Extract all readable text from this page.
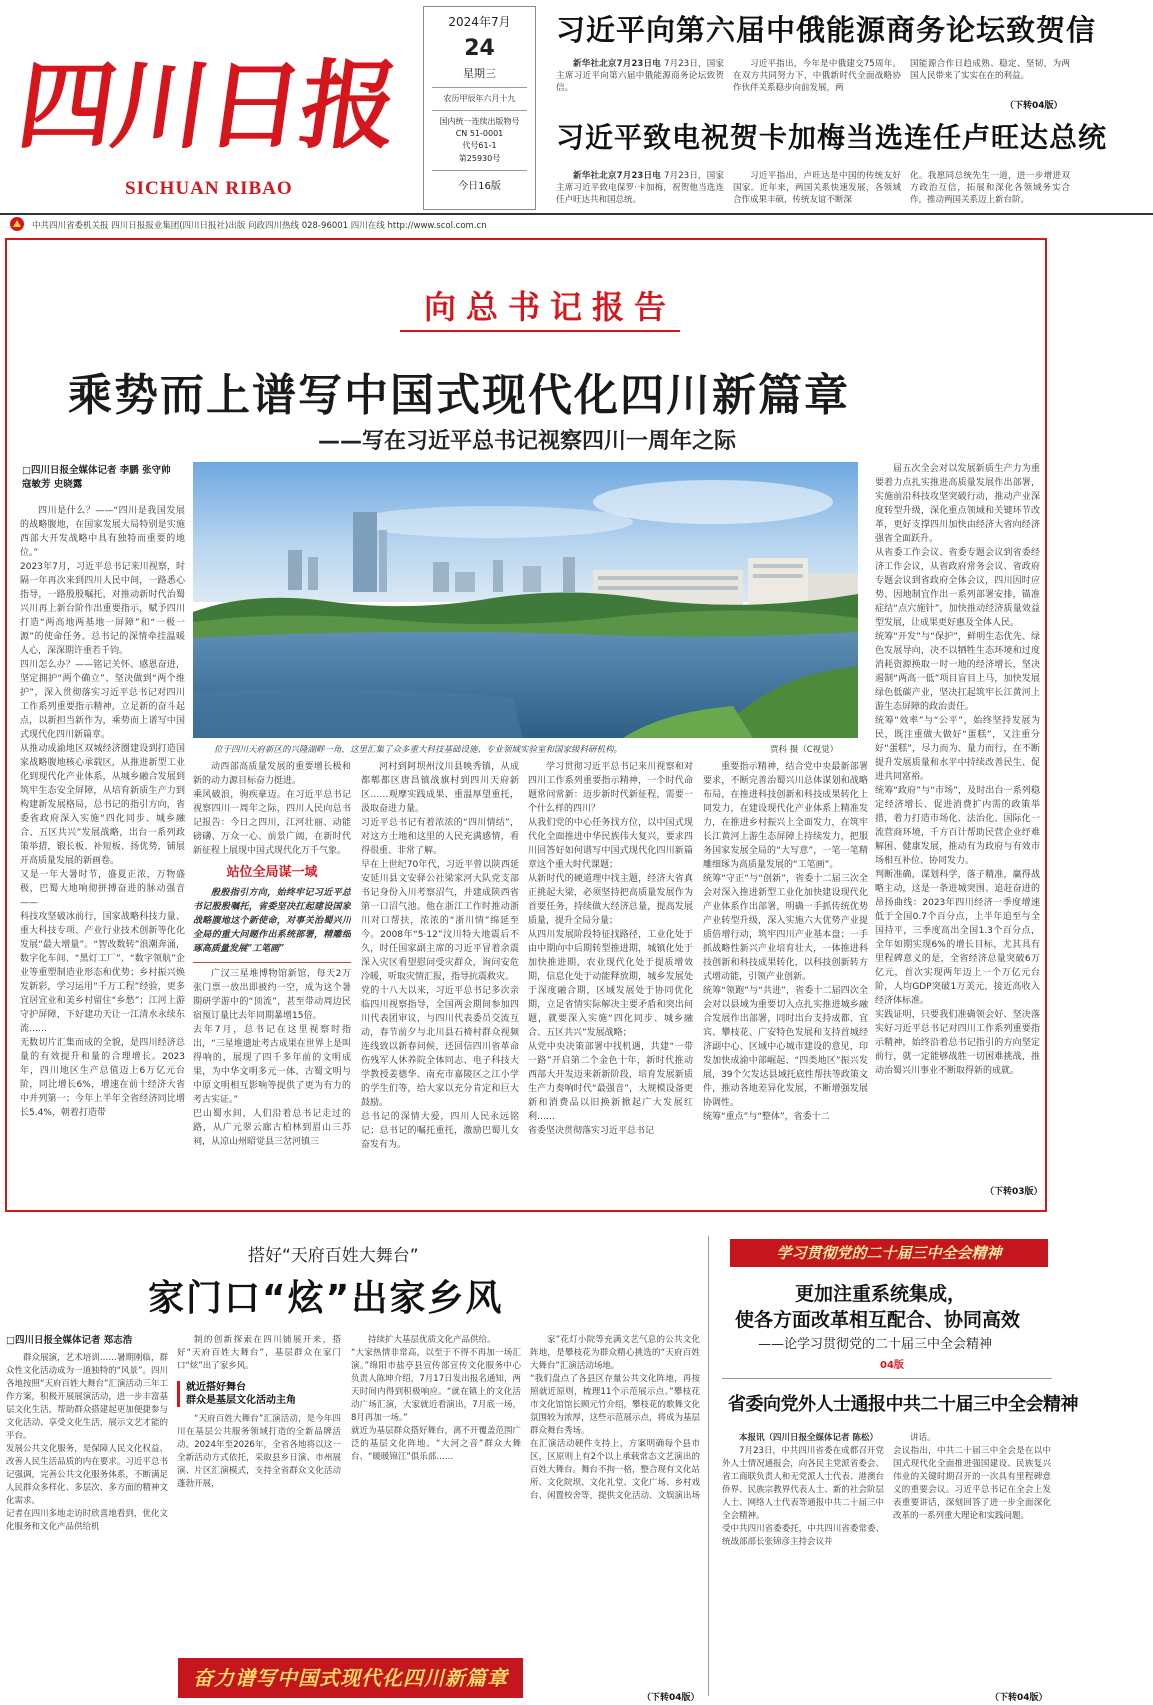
四川日报
SICHUAN RIBAO
2024年7月
24
星期三
农历甲辰年六月十九
国内统一连续出版物号
CN 51-0001
代号61-1
第25930号
今日16版
习近平向第六届中俄能源商务论坛致贺信
新华社北京7月23日电 7月23日，国家主席习近平向第六届中俄能源商务论坛致贺信。
习近平指出，今年是中俄建交75周年。在双方共同努力下，中俄新时代全面战略协作伙伴关系稳步向前发展，两
国能源合作日趋成熟、稳定、坚韧，为两国人民带来了实实在在的利益。
（下转04版）
习近平致电祝贺卡加梅当选连任卢旺达总统
新华社北京7月23日电 7月23日，国家主席习近平致电保罗·卡加梅，祝贺他当选连任卢旺达共和国总统。
习近平指出，卢旺达是中国的传统友好国家。近年来，两国关系快速发展，各领域合作成果丰硕，传统友谊不断深
化。我愿同总统先生一道，进一步增进双方政治互信，拓展和深化各领域务实合作，推动两国关系迈上新台阶。
中共四川省委机关报 四川日报报业集团(四川日报社)出版 问政四川热线 028-96001 四川在线 http://www.scol.com.cn
向总书记报告
乘势而上谱写中国式现代化四川新篇章
——写在习近平总书记视察四川一周年之际
□四川日报全媒体记者 李鹏 张守帅 寇敏芳 史晓露
位于四川天府新区的兴隆湖畔一角，这里汇集了众多重大科技基础设施、专业领域实验室和国家级科研机构。	贾科 摄（C视觉）

四川是什么？——“四川是我国发展的战略腹地，在国家发展大局特别是实施西部大开发战略中具有独特而重要的地位。”
2023年7月，习近平总书记来川视察，时隔一年再次来到四川人民中间，一路悉心指导，一路殷殷嘱托，对推动新时代治蜀兴川再上新台阶作出重要指示，赋予四川打造“两高地两基地一屏障”和“一极一源”的使命任务。总书记的深情牵挂温暖人心，深深期许重若千钧。
四川怎么办？——铭记关怀、感恩奋进，坚定拥护“两个确立”、坚决做到“两个维护”，深入贯彻落实习近平总书记对四川工作系列重要指示精神，立足新的奋斗起点，以新担当新作为，乘势而上谱写中国式现代化四川新篇章。
从推动成渝地区双城经济圈建设到打造国家战略腹地核心承载区，从推进新型工业化到现代化产业体系，从城乡融合发展到筑牢生态安全屏障，从培育新质生产力到构建新发展格局，总书记的指引方向，省委省政府深入实施“四化同步、城乡融合、五区共兴”发展战略，出台一系列政策举措，锻长板、补短板、扬优势，铺展开高质量发展的新画卷。
又是一年大暑时节，盛夏正浓，万物盛极，巴蜀大地响彻拼搏奋进的脉动强音——
科技攻坚破冰前行，国家战略科技力量、重大科技专项、产业行业技术创新等化化发展“最大增量”。“智改数转”浪潮奔涌，数字化车间、“黑灯工厂”、“数字领航”企业等重塑制造业形态和优势；乡村振兴焕发新彩，学习运用“千万工程”经验，更多宜居宜业和美乡村留住“乡愁”；江河上游守护屏障，下好建功天让一江清水永续东流……
无数切片汇集而成的全貌，是四川经济总量的有效提升和量的合理增长。2023年，四川地区生产总值迈上6万亿元台阶，同比增长6%，增速在前十经济大省中并列第一；今年上半年全省经济同比增长5.4%，朝着打造带

动西部高质量发展的重要增长极和新的动力源目标奋力挺进。
乘风破浪，驹疾豪迈。在习近平总书记视察四川一周年之际，四川人民向总书记报告：今日之四川，江河壮丽、动能磅礴、万众一心、前景广阔，在新时代新征程上展现中国式现代化万千气象。

站位全局谋一域
殷殷指引方向，始终牢记习近平总书记殷殷嘱托，省委坚决扛起建设国家战略腹地这个新使命，对事关治蜀兴川全局的重大问题作出系统部署，精雕细琢高质量发展“工笔画”

广汉三星堆博物馆新馆，每天2万张门票一放出即被约一空，成为这个暑期研学游中的“顶流”，甚至带动周边民宿预订量比去年同期暴增15倍。
去年7月，总书记在这里视察时指出，“三星堆遗址考古成果在世界上是叫得响的，展现了四千多年前的文明成果，为中华文明多元一体、古蜀文明与中原文明相互影响等提供了更为有力的考古实证。”
巴山蜀水间，人们沿着总书记走过的路，从广元翠云廊古柏林到眉山三苏祠，从凉山州昭觉县三岔河镇三

河村到阿坝州汶川县映秀镇，从成都郫都区唐昌镇战旗村到四川天府新区……观摩实践成果、重温厚望重托，汲取奋进力量。
习近平总书记有着浓浓的“四川情结”，对这方土地和这里的人民充满感情，看得很重、非常了解。
早在上世纪70年代，习近平曾以陕西延安延川县文安驿公社梁家河大队党支部书记身份入川考察沼气，并建成陕西省第一口沼气池。他在浙江工作时推动浙川对口帮扶，浓浓的“浙川情”绵延至今。2008年“5·12”汶川特大地震后不久，时任国家副主席的习近平冒着余震深入灾区看望慰问受灾群众，询问安危冷暖，听取灾情汇报，指导抗震救灾。
党的十八大以来，习近平总书记多次亲临四川视察指导，全国两会期间参加四川代表团审议，与四川代表委员交流互动，春节前夕与北川县石椅村群众视频连线致以新春问候，还回信四川省革命伤残军人休养院全体同志、电子科技大学教授姜德华、南充市嘉陵区之江小学的学生们等，给大家以充分肯定和巨大鼓励。
总书记的深情大爱，四川人民永远铭记；总书记的嘱托重托，激励巴蜀儿女奋发有为。

学习贯彻习近平总书记来川视察和对四川工作系列重要指示精神，一个时代命题常问常新：迈步新时代新征程，需要一个什么样的四川？
从我们党的中心任务找方位，以中国式现代化全面推进中华民族伟大复兴，要求四川回答好如何谱写中国式现代化四川新篇章这个重大时代课题；
从新时代的硬道理中找主题，经济大省真正挑起大梁，必须坚持把高质量发展作为首要任务，持续做大经济总量，提高发展质量，提升全局分量；
从四川发展阶段特征找路径，工业化处于由中期向中后期转型推进期，城镇化处于加快推进期，农业现代化处于提质增效期，信息化处于动能释放期，城乡发展处于深度融合期，区域发展处于协同优化期，立足省情实际解决主要矛盾和突出问题，就要深入实施“四化同步、城乡融合、五区共兴”发展战略；
从党中央决策部署中找机遇，共建“一带一路”开启第二个金色十年，新时代推动西部大开发迈来新新阶段，培育发展新质生产力奏响时代“最强音”，大规模设备更新和消费品以旧换新掀起广大发展红利……
省委坚决贯彻落实习近平总书记

重要指示精神，结合党中央最新部署要求，不断完善治蜀兴川总体谋划和战略布局，在推进科技创新和科技成果转化上同发力，在建设现代化产业体系上精准发力，在推进乡村振兴上全面发力，在筑牢长江黄河上游生态屏障上持续发力，把服务国家发展全局的“大写意”，一笔一笔精雕细琢为高质量发展的“工笔画”。
统筹“守正”与“创新”，省委十二届三次全会对深入推进新型工业化加快建设现代化产业体系作出部署，明确一手抓传统优势产业转型升级，深入实施六大优势产业提质倍增行动，筑牢四川产业基本盘；一手抓战略性新兴产业培育壮大，一体推进科技创新和科技成果转化，以科技创新转方式增动能，引领产业创新。
统筹“领跑”与“共进”，省委十二届四次全会对以县域为重要切入点扎实推进城乡融合发展作出部署，同时出台支持成都、宜宾、攀枝花、广安特色发展和支持首城经济副中心、区域中心城市建设的意见，印发加快成渝中部崛起、“四类地区”振兴发展，39个欠发达县域托底性帮扶等政策文件，推动各地差异化发展，不断增强发展协调性。
统筹“重点”与“整体”，省委十二

届五次全会对以发展新质生产力为重要着力点扎实推进高质量发展作出部署，实施前沿科技攻坚突破行动，推动产业深度转型升级，深化重点领域和关键环节改革，更好支撑四川加快由经济大省向经济强省全面跃升。
从省委工作会议、省委专题会议到省委经济工作会议，从省政府常务会议、省政府专题会议到省政府全体会议，四川因时应势、因地制宜作出一系列部署安排，锚准症结“点穴施针”，加快推动经济质量效益型发展，让成果更好惠及全体人民。
统筹“开发”与“保护”，鲜明生态优先、绿色发展导向，决不以牺牲生态环境和过度消耗资源换取一时一地的经济增长，坚决遏制“两高一低”项目盲目上马，加快发展绿色低碳产业，坚决扛起筑牢长江黄河上游生态屏障的政治责任。
统筹“效率”与“公平”，始终坚持发展为民，既注重做大做好“蛋糕”，又注重分好“蛋糕”，尽力而为、量力而行，在不断提升发展质量和水平中持续改善民生、促进共同富裕。
统筹“政府”与“市场”，及时出台一系列稳定经济增长、促进消费扩内需的政策举措，着力打造市场化、法治化、国际化一流营商环境，千方百计帮助民营企业纾难解困、健康发展，推动有为政府与有效市场相互补位、协同发力。
判断准确，谋划科学，落子精准，赢得战略主动，这是一条进城突围、追赶奋进的昂扬曲线：2023年四川经济一季度增速低于全国0.7个百分点，上半年追至与全国持平，三季度高出全国1.3个百分点，全年如期实现6%的增长目标，尤其具有里程碑意义的是，全省经济总量突破6万亿元，首次实现两年迈上一个万亿元台阶，人均GDP突破1万美元，接近高收入经济体标准。
实践证明，只要我们准确领会好、坚决落实好习近平总书记对四川工作系列重要指示精神，始终沿着总书记指引的方向坚定前行，就一定能够战胜一切困难挑战，推动治蜀兴川事业不断取得新的成就。

（下转03版）
搭好“天府百姓大舞台”
家门口“炫”出家乡风
□四川日报全媒体记者 郑志浩

群众展演，艺术培训……暑期刚临，群众性文化活动成为一道独特的“风景”。四川各地按照“天府百姓大舞台”汇演活动三年工作方案，积极开展展演活动，进一步丰富基层文化生活，帮助群众搭建起更加便捷参与文化活动、享受文化生活，展示文艺才能的平台。
发展公共文化服务，是保障人民文化权益、改善人民生活品质的内在要求。习近平总书记强调，完善公共文化服务体系，不断满足人民群众多样化、多层次、多方面的精神文化需求。
记者在四川多地走访时欣喜地看到，优化文化服务和文化产品供给机

制的创新探索在四川铺展开来，搭好“天府百姓大舞台”，基层群众在家门口“炫”出了家乡风。

就近搭好舞台
群众是基层文化活动主角

“天府百姓大舞台”汇演活动，是今年四川在基层公共服务领域打造的全新品牌活动。2024年至2026年，全省各地将以这一全新活动方式依托，采取县乡日演、市州展演、片区汇演模式，支持全省群众文化活动蓬勃开展，

持续扩大基层优质文化产品供给。
“大家热情非常高，以至于不得不再加一场汇演。”绵阳市盐亭县宣传部宣传文化服务中心负责人陈坤介绍，7月17日发出报名通知，两天时间内得到积极响应。“就在镇上的文化活动广场汇演，大家就近看演出，7月底一场，8月再加一场。”
就近为基层群众搭好舞台，离不开覆盖范围广泛的基层文化阵地。“大河之音”群众大舞台、“暖暖锦江”俱乐部……

家”花灯小院等充满文艺气息的公共文化阵地，是攀枝花为群众精心挑选的“天府百姓大舞台”汇演活动场地。
“我们盘点了各县区存量公共文化阵地，再按照就近原则，梳理11个示范展示点。”攀枝花市文化馆馆长顾元竹介绍，攀枝花的歌舞文化氛围较为浓厚，这些示范展示点，将成为基层群众舞台秀场。
在汇演活动硬件支持上，方案明确每个县市区，区原则上有2个以上承载常态文艺演出的百姓大舞台。舞台不拘一格，整合现有文化站所、文化院坝、文化礼堂、文化广场、乡村戏台、闲置校舍等，提供文化活动、文娱演出场

（下转04版）
奋力谱写中国式现代化四川新篇章
学习贯彻党的二十届三中全会精神
更加注重系统集成，
使各方面改革相互配合、协同高效
——论学习贯彻党的二十届三中全会精神
04版
省委向党外人士通报中共二十届三中全会精神
本报讯（四川日报全媒体记者 陈松）

7月23日，中共四川省委在成都召开党外人士情况通报会，向各民主党派省委会、省工商联负责人和无党派人士代表、港澳台侨界、民族宗教界代表人士、新的社会阶层人士、网络人士代表等通报中共二十届三中全会精神。
受中共四川省委委托，中共四川省委常委、统战部部长张锦彦主持会议并

讲话。
会议指出，中共二十届三中全会是在以中国式现代化全面推进强国建设、民族复兴伟业的关键时期召开的一次具有里程碑意义的重要会议。习近平总书记在全会上发表重要讲话，深刻回答了进一步全面深化改革的一系列重大理论和实践问题。

（下转04版）
